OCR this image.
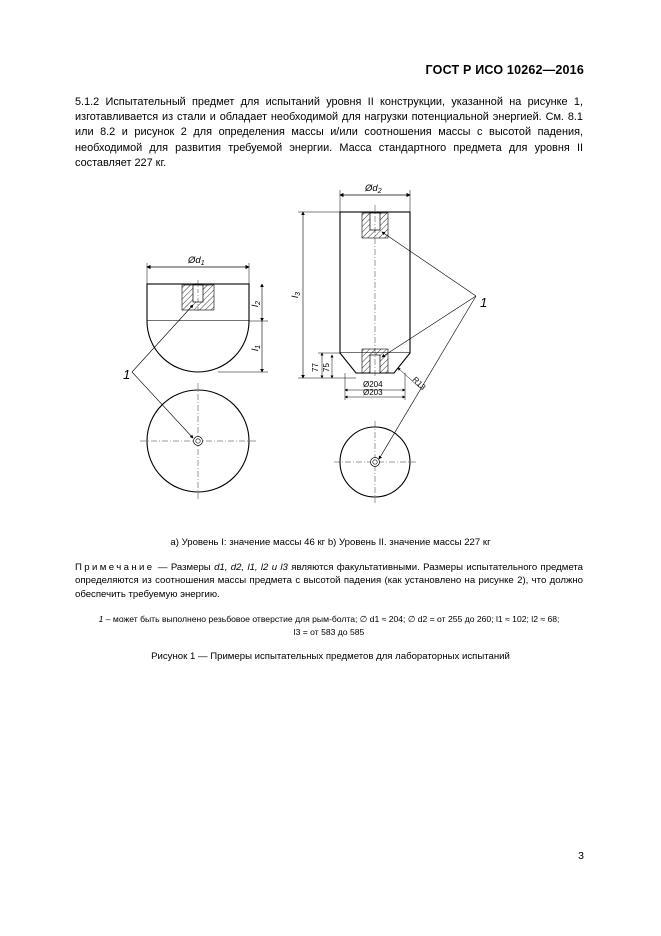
ГОСТ Р ИСО 10262—2016
5.1.2 Испытательный предмет для испытаний уровня II конструкции, указанной на рисунке 1, изготавливается из стали и обладает необходимой для нагрузки потенциальной энергией. См. 8.1 или 8.2 и рисунок 2 для определения массы и/или соотношения массы с высотой падения, необходимой для развития требуемой энергии. Масса стандартного предмета для уровня II составляет 227 кг.
$Ød_1$
$l_2$
$l_1$
1
$Ød_2$
$l_3$
77 75
Ø204
Ø203
R13
1
а) Уровень I: значение массы 46 кг b) Уровень II. значение массы 227 кг
Примечание — Размеры d1, d2, l1, l2 и l3 являются факультативными. Размеры испытательного предмета определяются из соотношения массы предмета с высотой падения (как установлено на рисунке 2), что должно обеспечить требуемую энергию.
1 – может быть выполнено резьбовое отверстие для рым-болта; ∅ d1 ≈ 204; ∅ d2 = от 255 до 260; l1 ≈ 102; l2 ≈ 68;
l3 = от 583 до 585
Рисунок 1 — Примеры испытательных предметов для лабораторных испытаний
3
